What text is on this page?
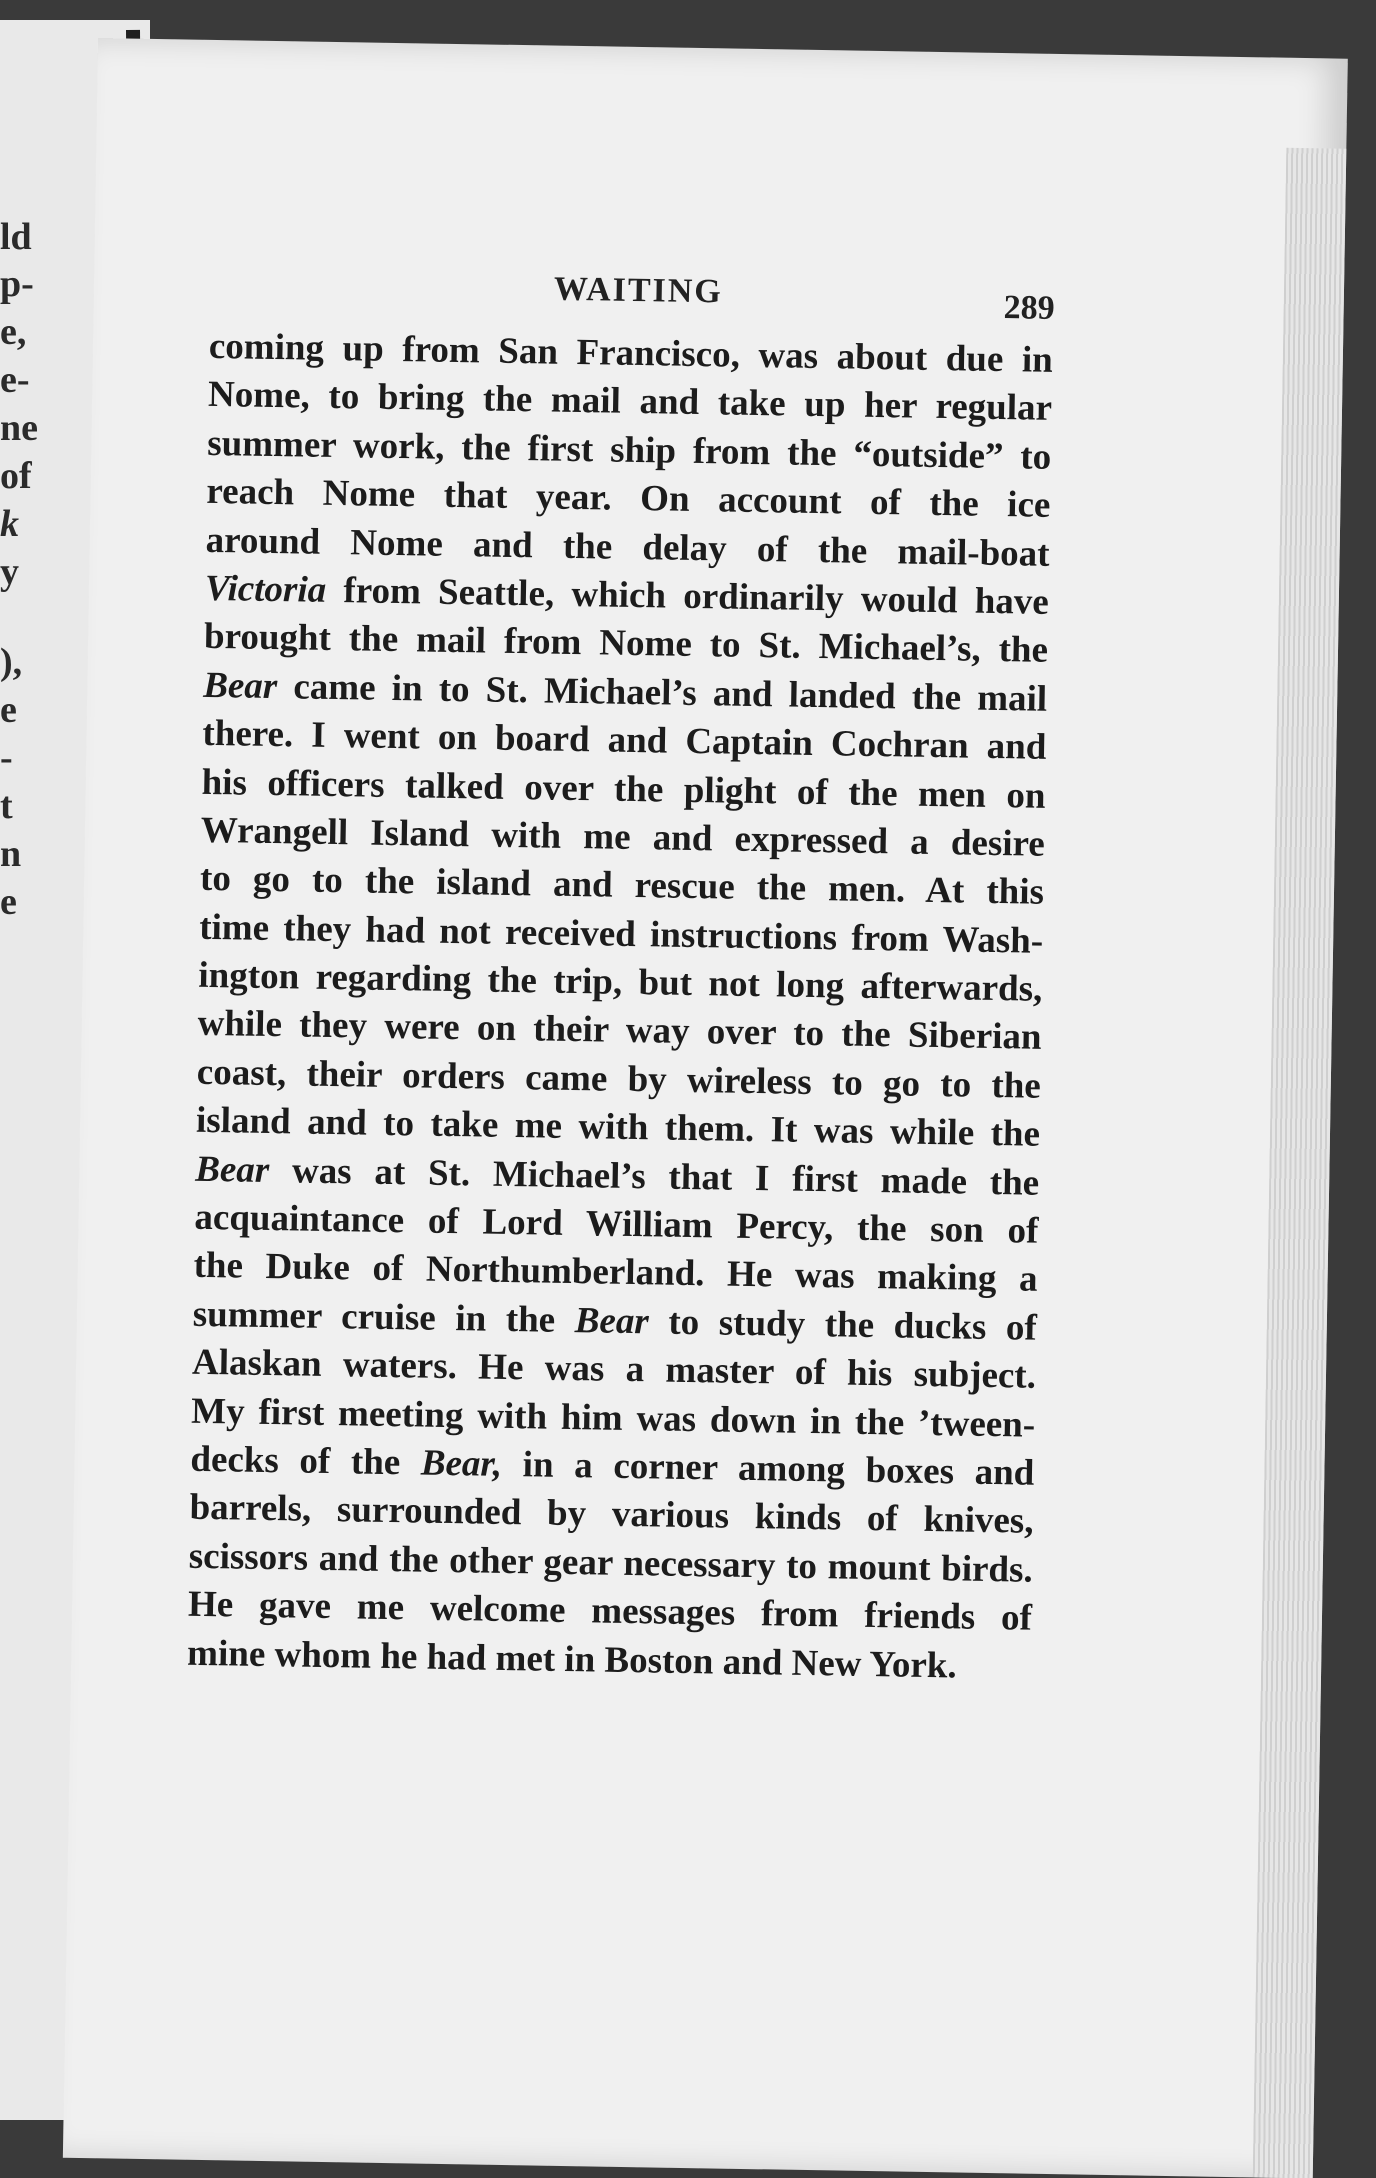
ld
p-
e,
e-
ne
of
k
y
),
e
-
t
n
e
WAITING	289
coming up from San Francisco, was about due in
Nome, to bring the mail and take up her regular
summer work, the first ship from the “outside” to
reach Nome that year. On account of the ice
around Nome and the delay of the mail-boat
Victoria from Seattle, which ordinarily would have
brought the mail from Nome to St. Michael’s, the
Bear came in to St. Michael’s and landed the mail
there. I went on board and Captain Cochran and
his officers talked over the plight of the men on
Wrangell Island with me and expressed a desire
to go to the island and rescue the men. At this
time they had not received instructions from Wash-
ington regarding the trip, but not long afterwards,
while they were on their way over to the Siberian
coast, their orders came by wireless to go to the
island and to take me with them. It was while the
Bear was at St. Michael’s that I first made the
acquaintance of Lord William Percy, the son of
the Duke of Northumberland. He was making a
summer cruise in the Bear to study the ducks of
Alaskan waters. He was a master of his subject.
My first meeting with him was down in the ’tween-
decks of the Bear, in a corner among boxes and
barrels, surrounded by various kinds of knives,
scissors and the other gear necessary to mount birds.
He gave me welcome messages from friends of
mine whom he had met in Boston and New York.
